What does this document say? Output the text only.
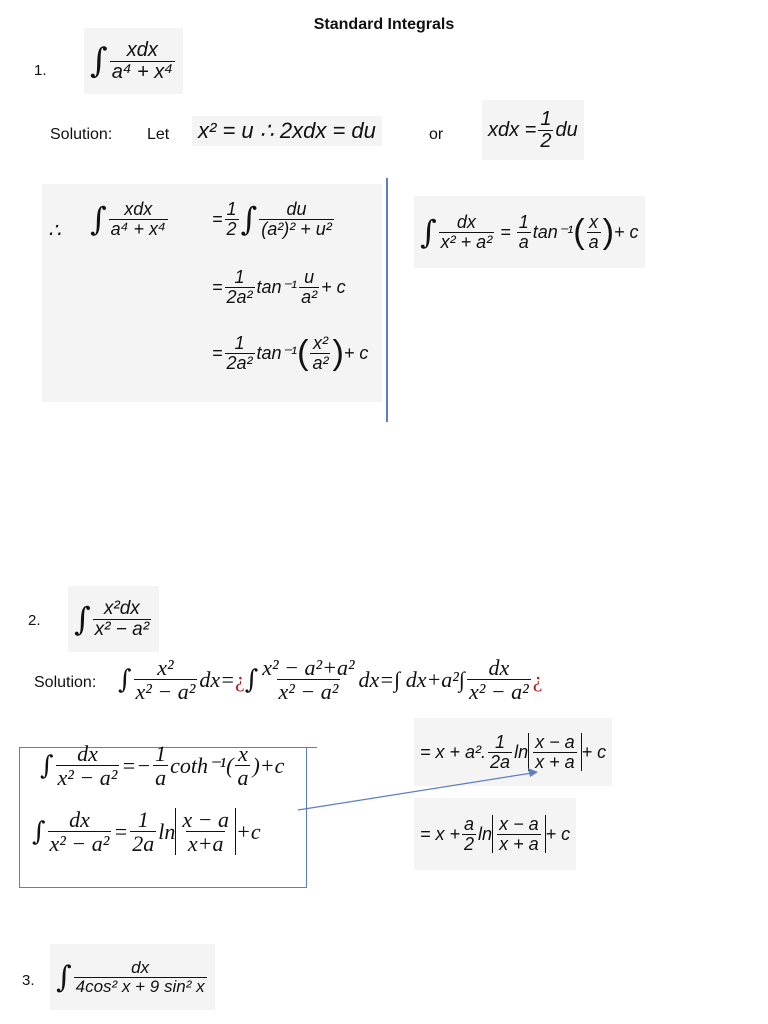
Standard Integrals
1. ∫ $\frac{\text{xdx}}{\text{a⁴ + x⁴}}$
Solution: Let x² = u ∴ 2xdx = du	or xdx = $\frac{1}{2}$ du
∴ ∫ $\frac{\text{xdx}}{\text{a⁴ + x⁴}} = \frac{1}{2}$ ∫ $\frac{du}{\text{(a²)² + u²}}$
= $\frac{1}{\text{2a²}} \tan^{-1} \frac{u}{\text{a²}} + c$
= $\frac{1}{\text{2a²}} \tan^{-1}$ ( $\frac{\text{x²}}{\text{a²}}$ ) + c
∫ $\frac{dx}{\text{x² + a²}} = \frac{1}{a} \tan^{-1}$ ( $\frac{x}{a}$ ) + c
2. ∫ $\frac{\text{x²dx}}{\text{x² − a²}}$
Solution: ∫ $\frac{\text{x²}}{\text{x² − a²}} dx=$ ¿ ∫ $\frac{\text{x² − a²+a²}}{\text{x² − a²}} dx=$ ∫ $dx+a^2\int \frac{dx}{\text{x² − a²}}$ ¿
∫ $\frac{dx}{\text{x² − a²}} =- \frac{1}{a} \cot h^{-1}( \frac{x}{a} )+c$
∫ $\frac{dx}{\text{x² − a²}} = \frac{1}{2a}$ $\ln \frac{x - a}{x+a} +c$
= x + a². $\frac{1}{2a}$ $\ln \frac{x - a}{x + a} + c$
= $x + \frac{a}{2}$ $\ln \frac{x - a}{x + a} + c$
3. ∫ $\frac{dx}{\text{4cos² x + 9 sin² x}}$
